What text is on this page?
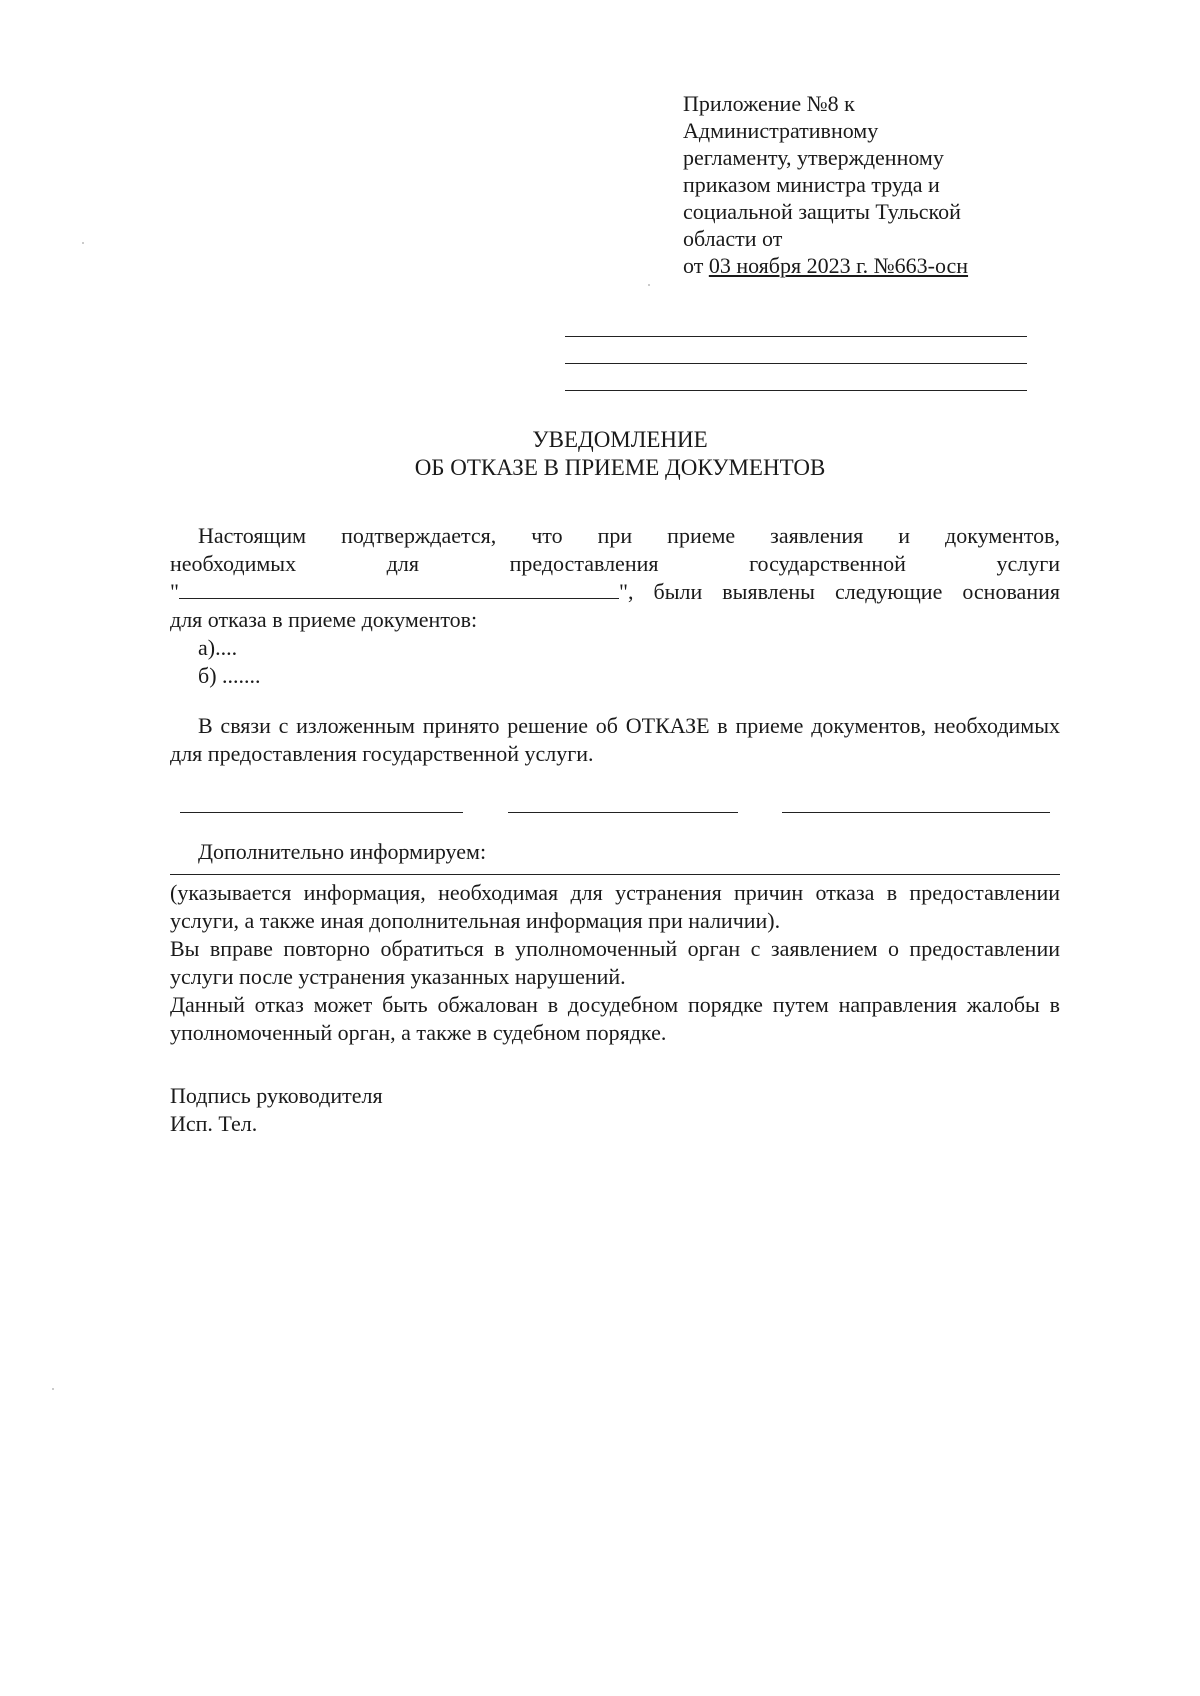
Приложение №8 к
Административному
регламенту, утвержденному
приказом министра труда и
социальной защиты Тульской
области от
от 03 ноября 2023 г. №663-осн
УВЕДОМЛЕНИЕ
ОБ ОТКАЗЕ В ПРИЕМЕ ДОКУМЕНТОВ
Настоящим подтверждается, что при приеме заявления и документов,
необходимых для предоставления государственной услуги
"	", были выявлены следующие основания
для отказа в приеме документов:
а)....
б) .......

В связи с изложенным принято решение об ОТКАЗЕ в приеме документов, необходимых для предоставления государственной услуги.

Дополнительно информируем:

(указывается информация, необходимая для устранения причин отказа в предоставлении услуги, а также иная дополнительная информация при наличии).

Вы вправе повторно обратиться в уполномоченный орган с заявлением о предоставлении услуги после устранения указанных нарушений.

Данный отказ может быть обжалован в досудебном порядке путем направления жалобы в уполномоченный орган, а также в судебном порядке.

Подпись руководителя

Исп. Тел.
